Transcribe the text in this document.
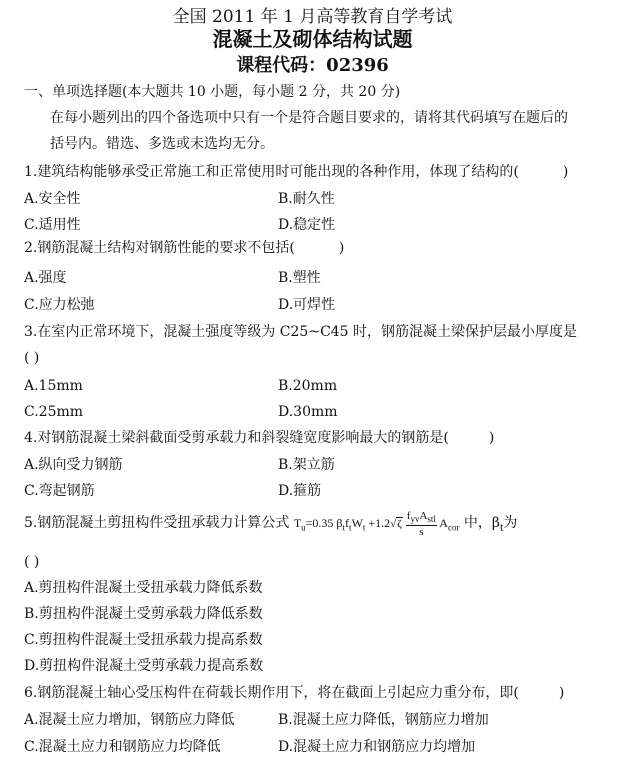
全国 2011 年 1 月高等教育自学考试
混凝土及砌体结构试题
课程代码：02396
一、单项选择题(本大题共 10 小题，每小题 2 分，共 20 分)
在每小题列出的四个备选项中只有一个是符合题目要求的，请将其代码填写在题后的
括号内。错选、多选或未选均无分。
1.建筑结构能够承受正常施工和正常使用时可能出现的各种作用，体现了结构的(	)
A.安全性	B.耐久性
C.适用性	D.稳定性
2.钢筋混凝土结构对钢筋性能的要求不包括(	)
A.强度	B.塑性
C.应力松弛	D.可焊性
3.在室内正常环境下，混凝土强度等级为 C25~C45 时，钢筋混凝土梁保护层最小厚度是
( )
A.15mm	B.20mm
C.25mm	D.30mm
4.对钢筋混凝土梁斜截面受剪承载力和斜裂缝宽度影响最大的钢筋是(	)
A.纵向受力钢筋	B.架立筋
C.弯起钢筋	D.箍筋
5.钢筋混凝土剪扭构件受扭承载力计算公式 $T_u=0.35$ $\beta_tf_tW_t +1.2√\zeta \frac{f_{yv}A_{stl}}{s} A_{cor}$ 中，$\beta_t$为
( )
A.剪扭构件混凝土受扭承载力降低系数
B.剪扭构件混凝土受剪承载力降低系数
C.剪扭构件混凝土受扭承载力提高系数
D.剪扭构件混凝土受剪承载力提高系数
6.钢筋混凝土轴心受压构件在荷载长期作用下，将在截面上引起应力重分布，即(	)
A.混凝土应力增加，钢筋应力降低	B.混凝土应力降低，钢筋应力增加
C.混凝土应力和钢筋应力均降低	D.混凝土应力和钢筋应力均增加
